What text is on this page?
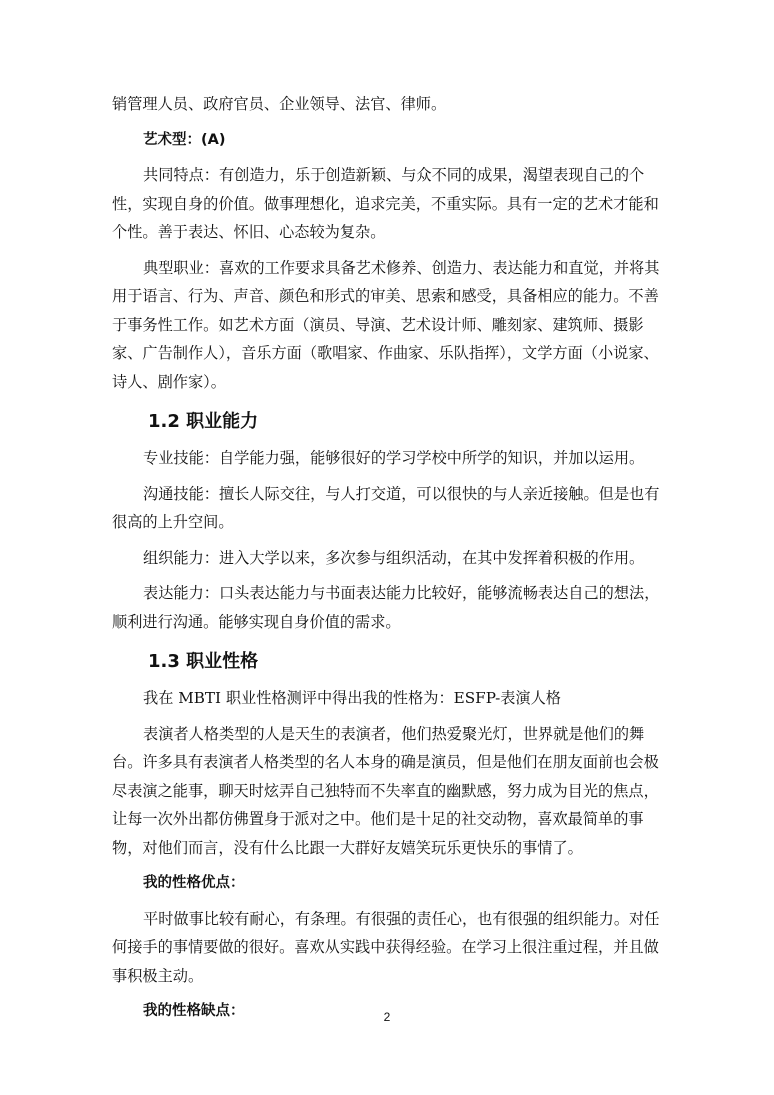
销管理人员、政府官员、企业领导、法官、律师。

艺术型：(A)

共同特点：有创造力，乐于创造新颖、与众不同的成果，渴望表现自己的个性，实现自身的价值。做事理想化，追求完美，不重实际。具有一定的艺术才能和个性。善于表达、怀旧、心态较为复杂。

典型职业：喜欢的工作要求具备艺术修养、创造力、表达能力和直觉，并将其用于语言、行为、声音、颜色和形式的审美、思索和感受，具备相应的能力。不善于事务性工作。如艺术方面（演员、导演、艺术设计师、雕刻家、建筑师、摄影家、广告制作人），音乐方面（歌唱家、作曲家、乐队指挥），文学方面（小说家、诗人、剧作家）。

1.2 职业能力

专业技能：自学能力强，能够很好的学习学校中所学的知识，并加以运用。

沟通技能：擅长人际交往，与人打交道，可以很快的与人亲近接触。但是也有很高的上升空间。

组织能力：进入大学以来，多次参与组织活动，在其中发挥着积极的作用。

表达能力：口头表达能力与书面表达能力比较好，能够流畅表达自己的想法，顺利进行沟通。能够实现自身价值的需求。

1.3 职业性格

我在 MBTI 职业性格测评中得出我的性格为：ESFP-表演人格

表演者人格类型的人是天生的表演者，他们热爱聚光灯，世界就是他们的舞台。许多具有表演者人格类型的名人本身的确是演员，但是他们在朋友面前也会极尽表演之能事，聊天时炫弄自己独特而不失率直的幽默感，努力成为目光的焦点，让每一次外出都仿佛置身于派对之中。他们是十足的社交动物，喜欢最简单的事物，对他们而言，没有什么比跟一大群好友嬉笑玩乐更快乐的事情了。

我的性格优点：

平时做事比较有耐心，有条理。有很强的责任心，也有很强的组织能力。对任何接手的事情要做的很好。喜欢从实践中获得经验。在学习上很注重过程，并且做事积极主动。

我的性格缺点：	2
